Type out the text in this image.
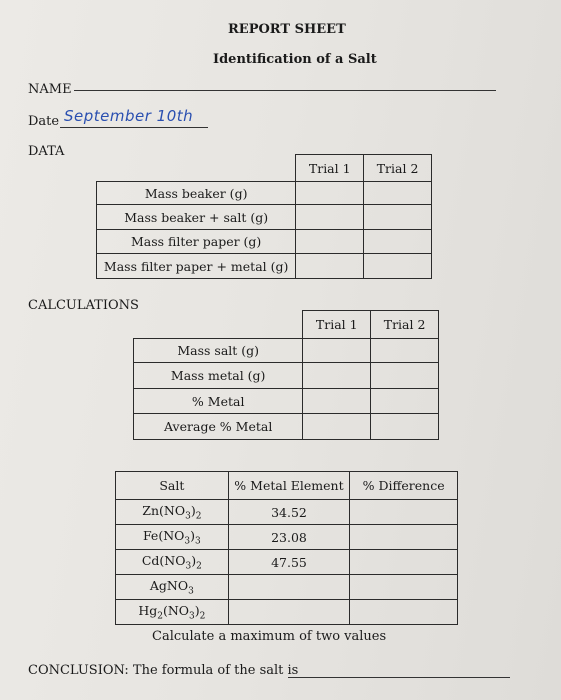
REPORT SHEET
Identification of a Salt
NAME
Date September 10th
DATA
	Trial 1	Trial 2
Mass beaker (g)		
Mass beaker + salt (g)		
Mass filter paper (g)		
Mass filter paper + metal (g)		
CALCULATIONS
	Trial 1	Trial 2
Mass salt (g)		
Mass metal (g)		
% Metal		
Average % Metal		
Salt	% Metal Element	% Difference
$Zn(NO_3)_2$	34.52	
$Fe(NO_3)_3$	23.08	
$Cd(NO_3)_2$	47.55	
AgNO$_3$		
$Hg_2(NO_3)_2$		
Calculate a maximum of two values
CONCLUSION: The formula of the salt is
